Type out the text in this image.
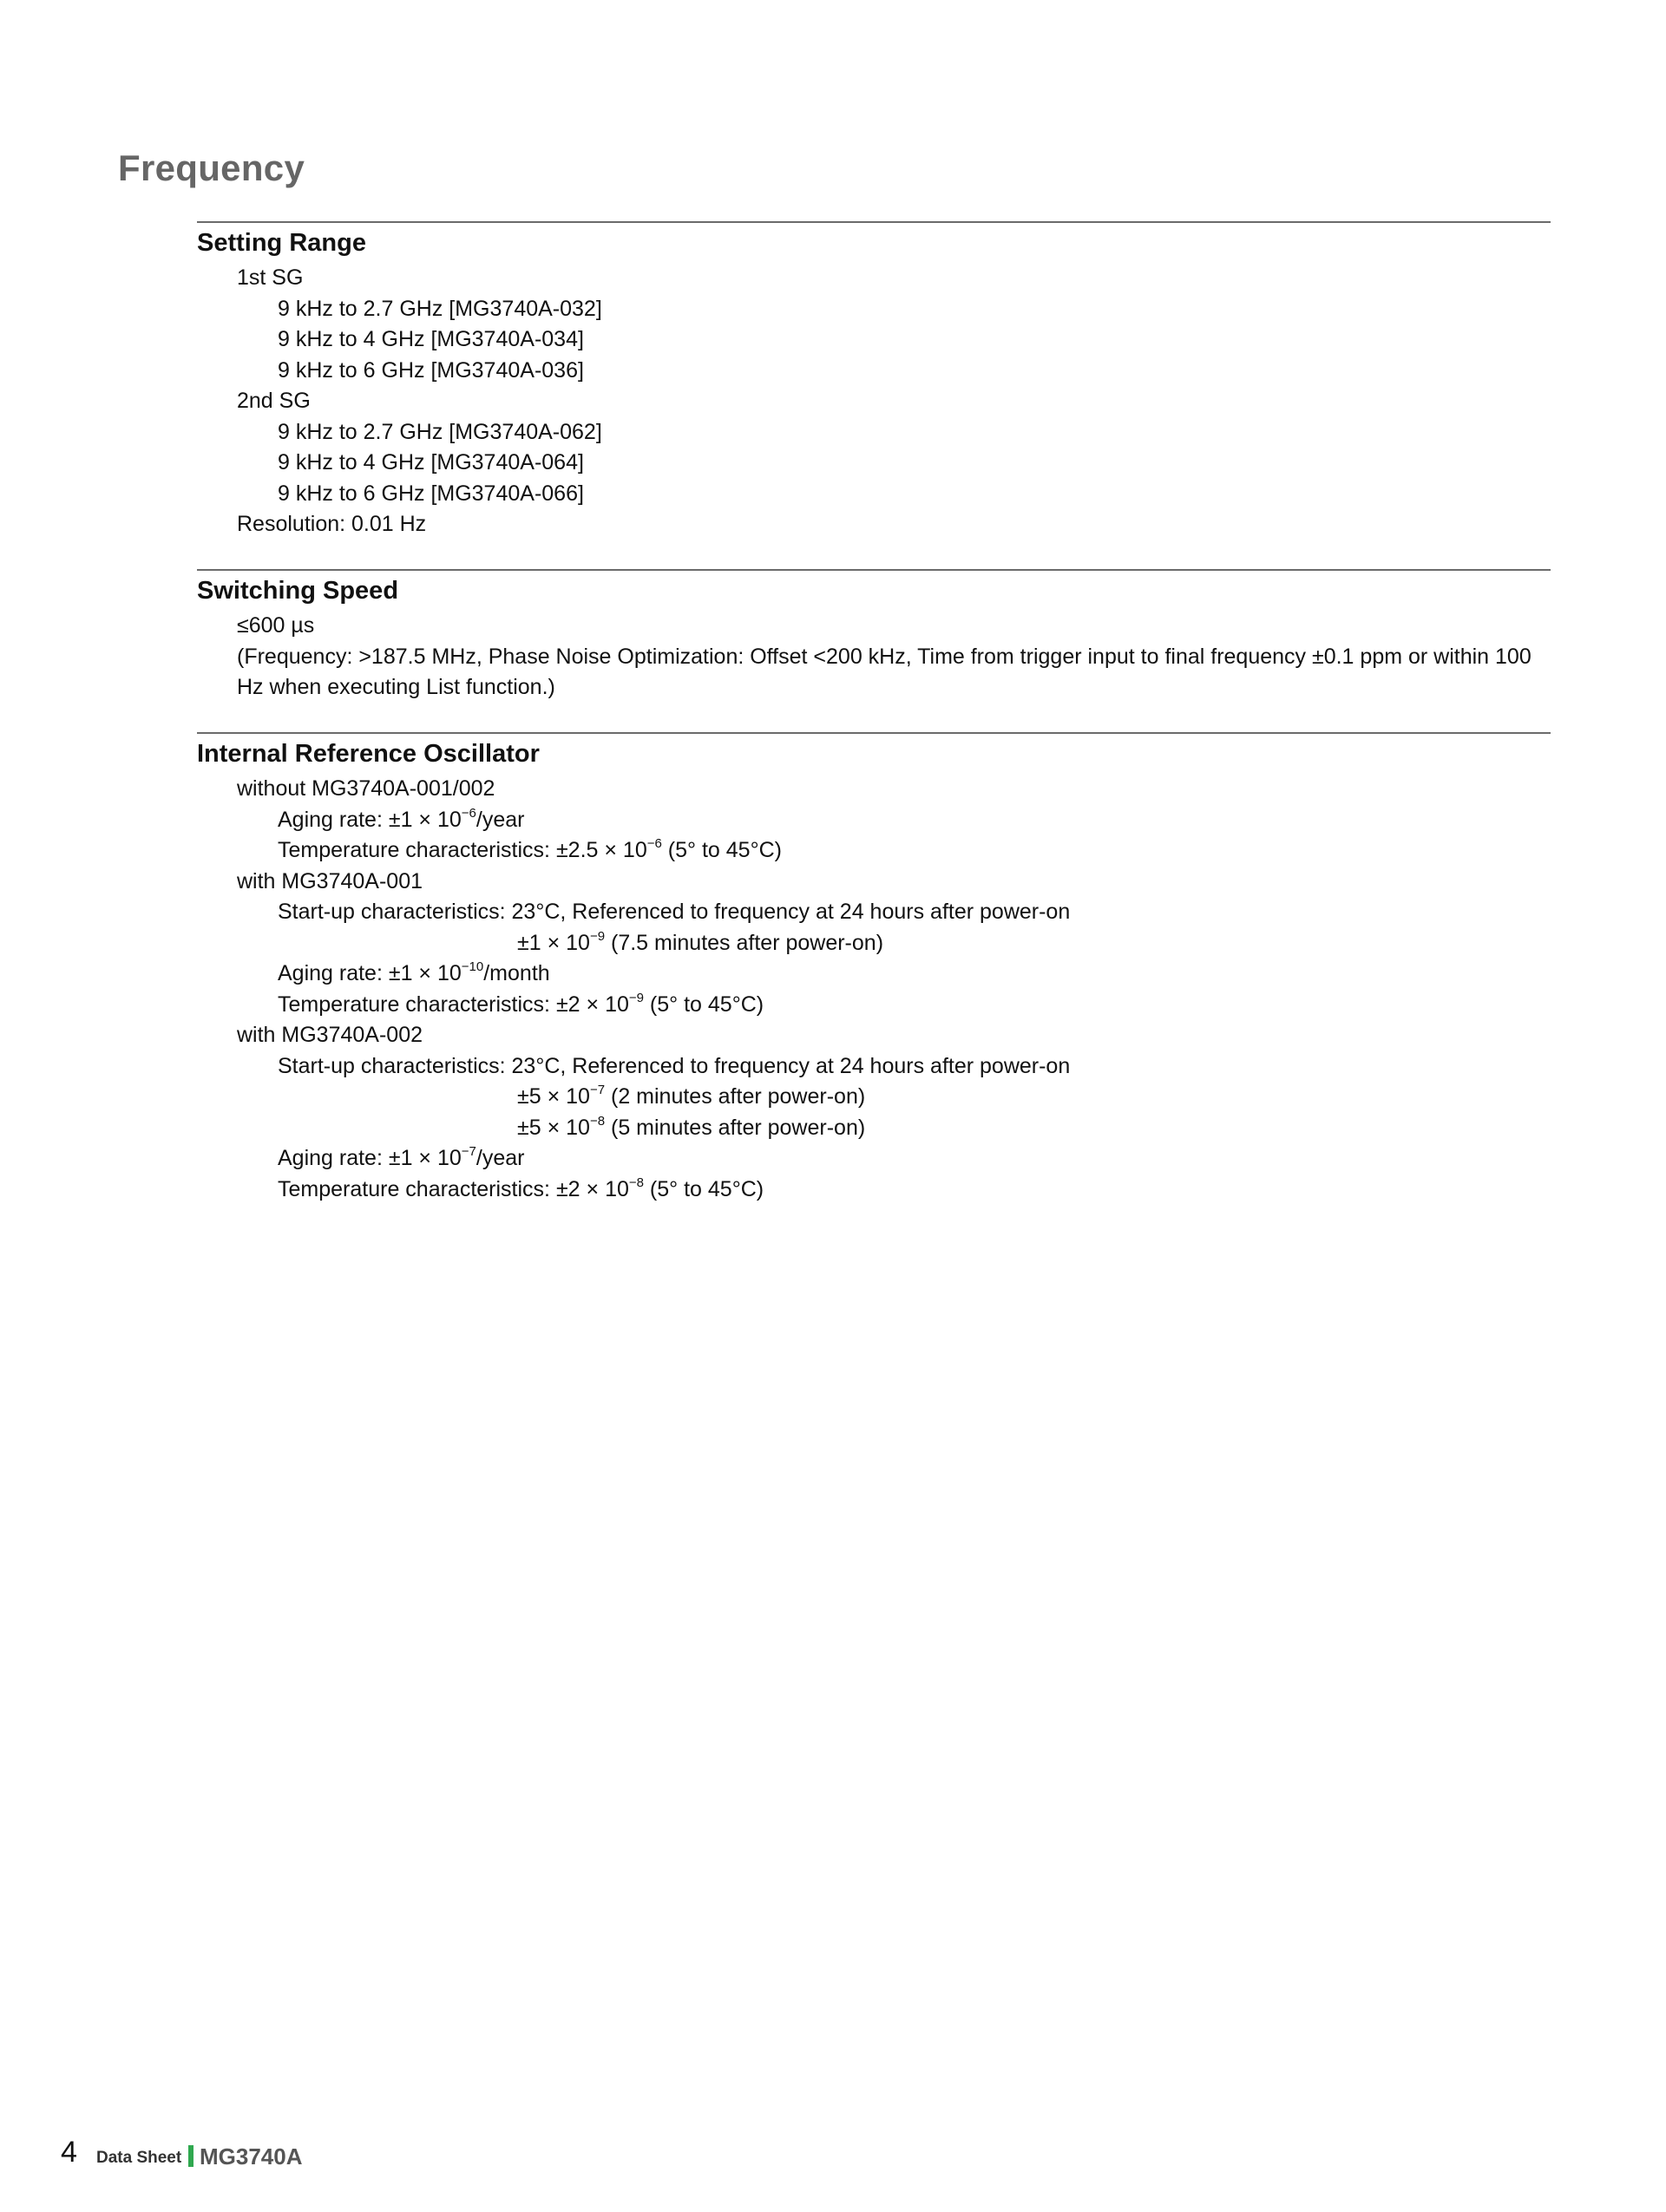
Frequency
Setting Range
1st SG
9 kHz to 2.7 GHz [MG3740A-032]
9 kHz to 4 GHz [MG3740A-034]
9 kHz to 6 GHz [MG3740A-036]
2nd SG
9 kHz to 2.7 GHz [MG3740A-062]
9 kHz to 4 GHz [MG3740A-064]
9 kHz to 6 GHz [MG3740A-066]
Resolution: 0.01 Hz
Switching Speed
≤600 µs
(Frequency: >187.5 MHz, Phase Noise Optimization: Offset <200 kHz, Time from trigger input to final frequency ±0.1 ppm or within 100 Hz when executing List function.)
Internal Reference Oscillator
without MG3740A-001/002
Aging rate: $\pm 1 \times 10^{-6}$/year
Temperature characteristics: $\pm 2.5 \times 10^{-6}$ (5° to 45°C)
with MG3740A-001
Start-up characteristics: 23°C, Referenced to frequency at 24 hours after power-on
$\pm 1 \times 10^{-9}$ (7.5 minutes after power-on)
Aging rate: $\pm 1 \times 10^{-10}$/month
Temperature characteristics: $\pm 2 \times 10^{-9}$ (5° to 45°C)
with MG3740A-002
Start-up characteristics: 23°C, Referenced to frequency at 24 hours after power-on
$\pm 5 \times 10^{-7}$ (2 minutes after power-on)
$\pm 5 \times 10^{-8}$ (5 minutes after power-on)
Aging rate: $\pm 1 \times 10^{-7}$/year
Temperature characteristics: $\pm 2 \times 10^{-8}$ (5° to 45°C)
4 Data Sheet MG3740A
